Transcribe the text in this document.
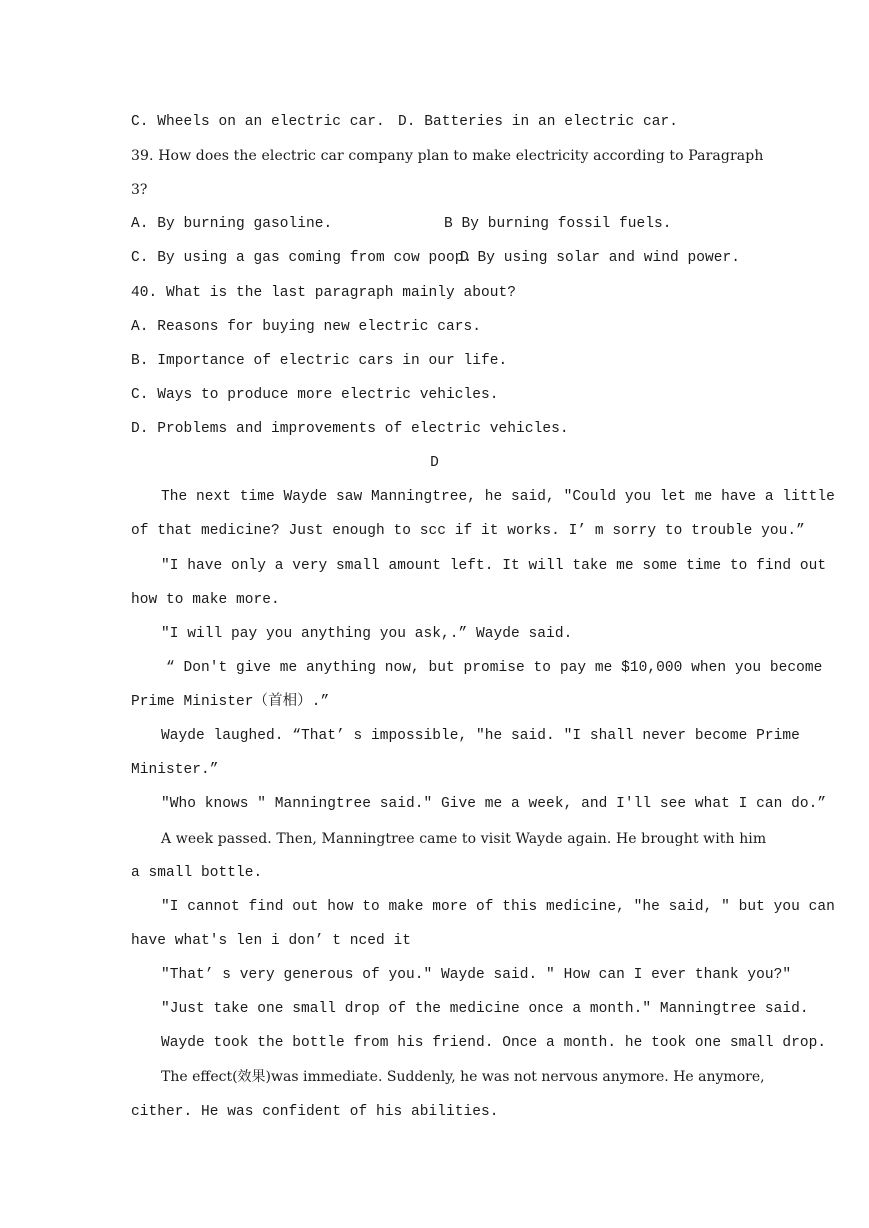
C. Wheels on an electric car. D. Batteries in an electric car.
39. How does the electric car company plan to make electricity according to Paragraph
3?
A. By burning gasoline.	B By burning fossil fuels.
C. By using a gas coming from cow poop.
D By using solar and wind power.
40. What is the last paragraph mainly about?
A. Reasons for buying new electric cars.
B. Importance of electric cars in our life.
C. Ways to produce more electric vehicles.
D. Problems and improvements of electric vehicles.
D
The next time Wayde saw Manningtree, he said, "Could you let me have a little
of that medicine? Just enough to scc if it works. I’ m sorry to trouble you.”
"I have only a very small amount left. It will take me some time to find out
how to make more.
"I will pay you anything you ask,.” Wayde said.
“ Don't give me anything now, but promise to pay me $10,000 when you become
Prime Minister（首相）.”
Wayde laughed. “That’ s impossible, "he said. "I shall never become Prime
Minister.”
"Who knows " Manningtree said." Give me a week, and I'll see what I can do.”
A week passed. Then, Manningtree came to visit Wayde again. He brought with him
a small bottle.
"I cannot find out how to make more of this medicine, "he said, " but you can
have what's len i don’ t nced it
"That’ s very generous of you." Wayde said. " How can I ever thank you?"
"Just take one small drop of the medicine once a month." Manningtree said.
Wayde took the bottle from his friend. Once a month. he took one small drop.
The effect(效果)was immediate. Suddenly, he was not nervous anymore. He anymore,
cither. He was confident of his abilities.
